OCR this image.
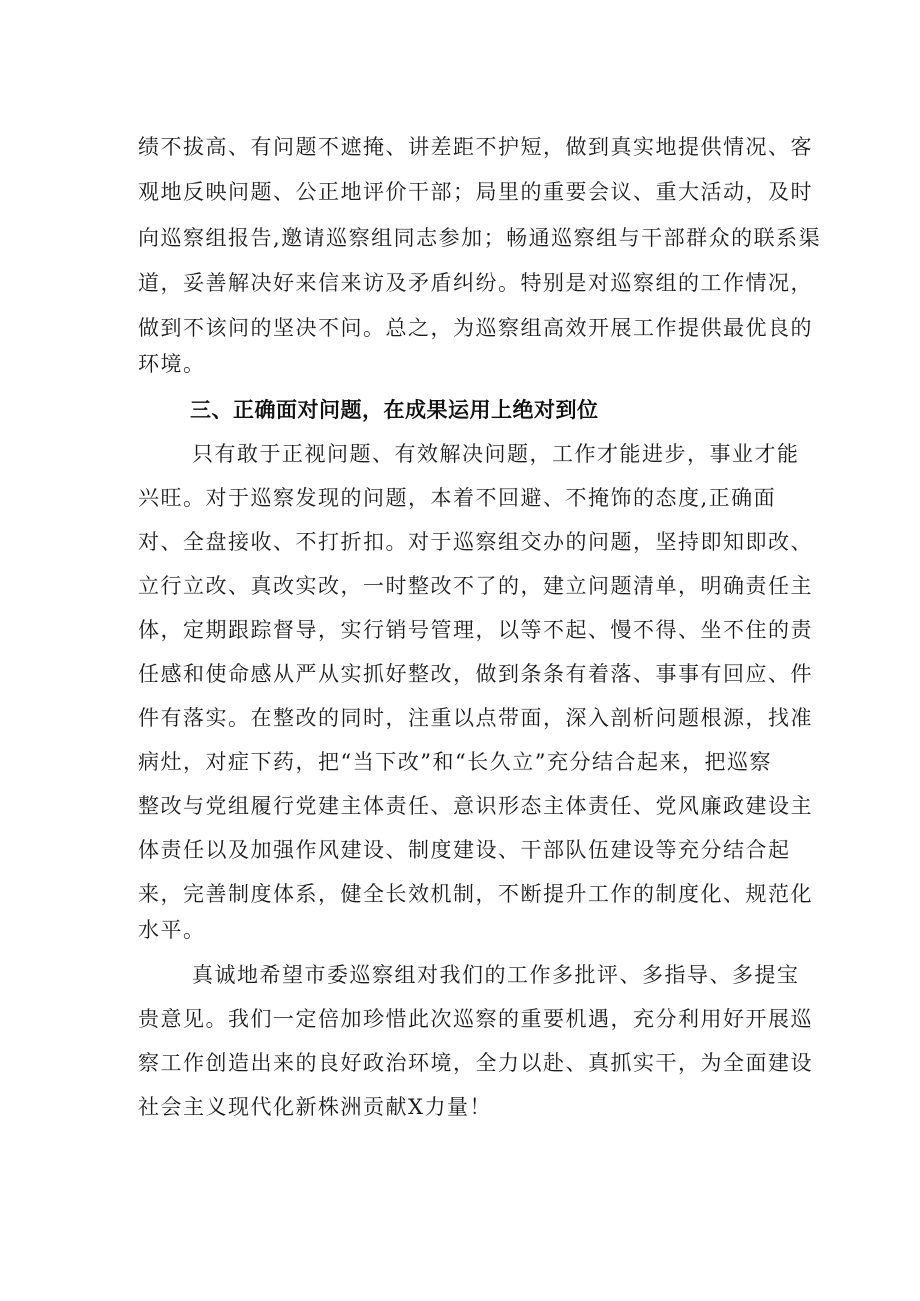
绩不拔高、有问题不遮掩、讲差距不护短，做到真实地提供情况、客
观地反映问题、公正地评价干部；局里的重要会议、重大活动，及时
向巡察组报告,邀请巡察组同志参加；畅通巡察组与干部群众的联系渠
道，妥善解决好来信来访及矛盾纠纷。特别是对巡察组的工作情况，
做到不该问的坚决不问。总之，为巡察组高效开展工作提供最优良的
环境。
三、正确面对问题，在成果运用上绝对到位
只有敢于正视问题、有效解决问题，工作才能进步，事业才能
兴旺。对于巡察发现的问题，本着不回避、不掩饰的态度,正确面
对、全盘接收、不打折扣。对于巡察组交办的问题，坚持即知即改、
立行立改、真改实改，一时整改不了的，建立问题清单，明确责任主
体，定期跟踪督导，实行销号管理，以等不起、慢不得、坐不住的责
任感和使命感从严从实抓好整改，做到条条有着落、事事有回应、件
件有落实。在整改的同时，注重以点带面，深入剖析问题根源，找准
病灶，对症下药，把“当下改”和“长久立”充分结合起来，把巡察
整改与党组履行党建主体责任、意识形态主体责任、党风廉政建设主
体责任以及加强作风建设、制度建设、干部队伍建设等充分结合起
来，完善制度体系，健全长效机制，不断提升工作的制度化、规范化
水平。
真诚地希望市委巡察组对我们的工作多批评、多指导、多提宝
贵意见。我们一定倍加珍惜此次巡察的重要机遇，充分利用好开展巡
察工作创造出来的良好政治环境，全力以赴、真抓实干，为全面建设
社会主义现代化新株洲贡献X力量！
